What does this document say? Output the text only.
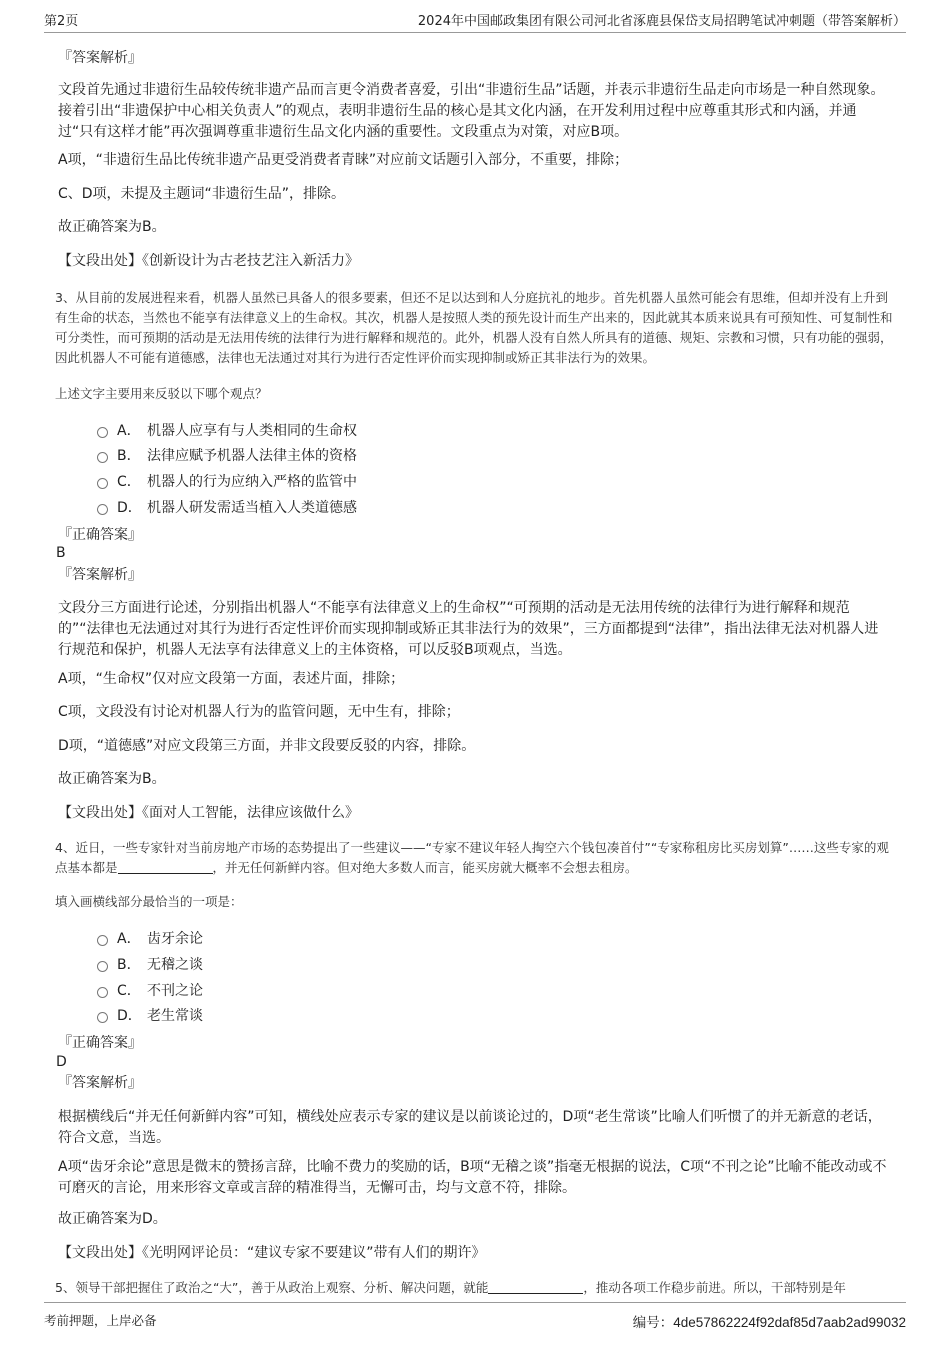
第2页	2024年中国邮政集团有限公司河北省涿鹿县保岱支局招聘笔试冲刺题（带答案解析）
『答案解析』
文段首先通过非遗衍生品较传统非遗产品而言更令消费者喜爱，引出“非遗衍生品”话题，并表示非遗衍生品走向市场是一种自然现象。接着引出“非遗保护中心相关负责人”的观点，表明非遗衍生品的核心是其文化内涵，在开发利用过程中应尊重其形式和内涵，并通过“只有这样才能”再次强调尊重非遗衍生品文化内涵的重要性。文段重点为对策，对应B项。
A项，“非遗衍生品比传统非遗产品更受消费者青睐”对应前文话题引入部分，不重要，排除；
C、D项，未提及主题词“非遗衍生品”，排除。
故正确答案为B。
【文段出处】《创新设计为古老技艺注入新活力》
3、从目前的发展进程来看，机器人虽然已具备人的很多要素，但还不足以达到和人分庭抗礼的地步。首先机器人虽然可能会有思维，但却并没有上升到有生命的状态，当然也不能享有法律意义上的生命权。其次，机器人是按照人类的预先设计而生产出来的，因此就其本质来说具有可预知性、可复制性和可分类性，而可预期的活动是无法用传统的法律行为进行解释和规范的。此外，机器人没有自然人所具有的道德、规矩、宗教和习惯，只有功能的强弱，因此机器人不可能有道德感，法律也无法通过对其行为进行否定性评价而实现抑制或矫正其非法行为的效果。
上述文字主要用来反驳以下哪个观点？
A． 机器人应享有与人类相同的生命权
B． 法律应赋予机器人法律主体的资格
C． 机器人的行为应纳入严格的监管中
D． 机器人研发需适当植入人类道德感
『正确答案』
B
『答案解析』
文段分三方面进行论述，分别指出机器人“不能享有法律意义上的生命权”“可预期的活动是无法用传统的法律行为进行解释和规范的”“法律也无法通过对其行为进行否定性评价而实现抑制或矫正其非法行为的效果”，三方面都提到“法律”，指出法律无法对机器人进行规范和保护，机器人无法享有法律意义上的主体资格，可以反驳B项观点，当选。
A项，“生命权”仅对应文段第一方面，表述片面，排除；
C项，文段没有讨论对机器人行为的监管问题，无中生有，排除；
D项，“道德感”对应文段第三方面，并非文段要反驳的内容，排除。
故正确答案为B。
【文段出处】《面对人工智能，法律应该做什么》
4、近日，一些专家针对当前房地产市场的态势提出了一些建议——“专家不建议年轻人掏空六个钱包凑首付”“专家称租房比买房划算”……这些专家的观点基本都是	，并无任何新鲜内容。但对绝大多数人而言，能买房就大概率不会想去租房。
填入画横线部分最恰当的一项是：
A． 齿牙余论
B． 无稽之谈
C． 不刊之论
D． 老生常谈
『正确答案』
D
『答案解析』
根据横线后“并无任何新鲜内容”可知，横线处应表示专家的建议是以前谈论过的，D项“老生常谈”比喻人们听惯了的并无新意的老话，符合文意，当选。
A项“齿牙余论”意思是微末的赞扬言辞，比喻不费力的奖励的话，B项“无稽之谈”指毫无根据的说法，C项“不刊之论”比喻不能改动或不可磨灭的言论，用来形容文章或言辞的精准得当，无懈可击，均与文意不符，排除。
故正确答案为D。
【文段出处】《光明网评论员：“建议专家不要建议”带有人们的期许》
5、领导干部把握住了政治之“大”，善于从政治上观察、分析、解决问题，就能	，推动各项工作稳步前进。所以，干部特别是年
考前押题，上岸必备	编号：4de57862224f92daf85d7aab2ad99032
